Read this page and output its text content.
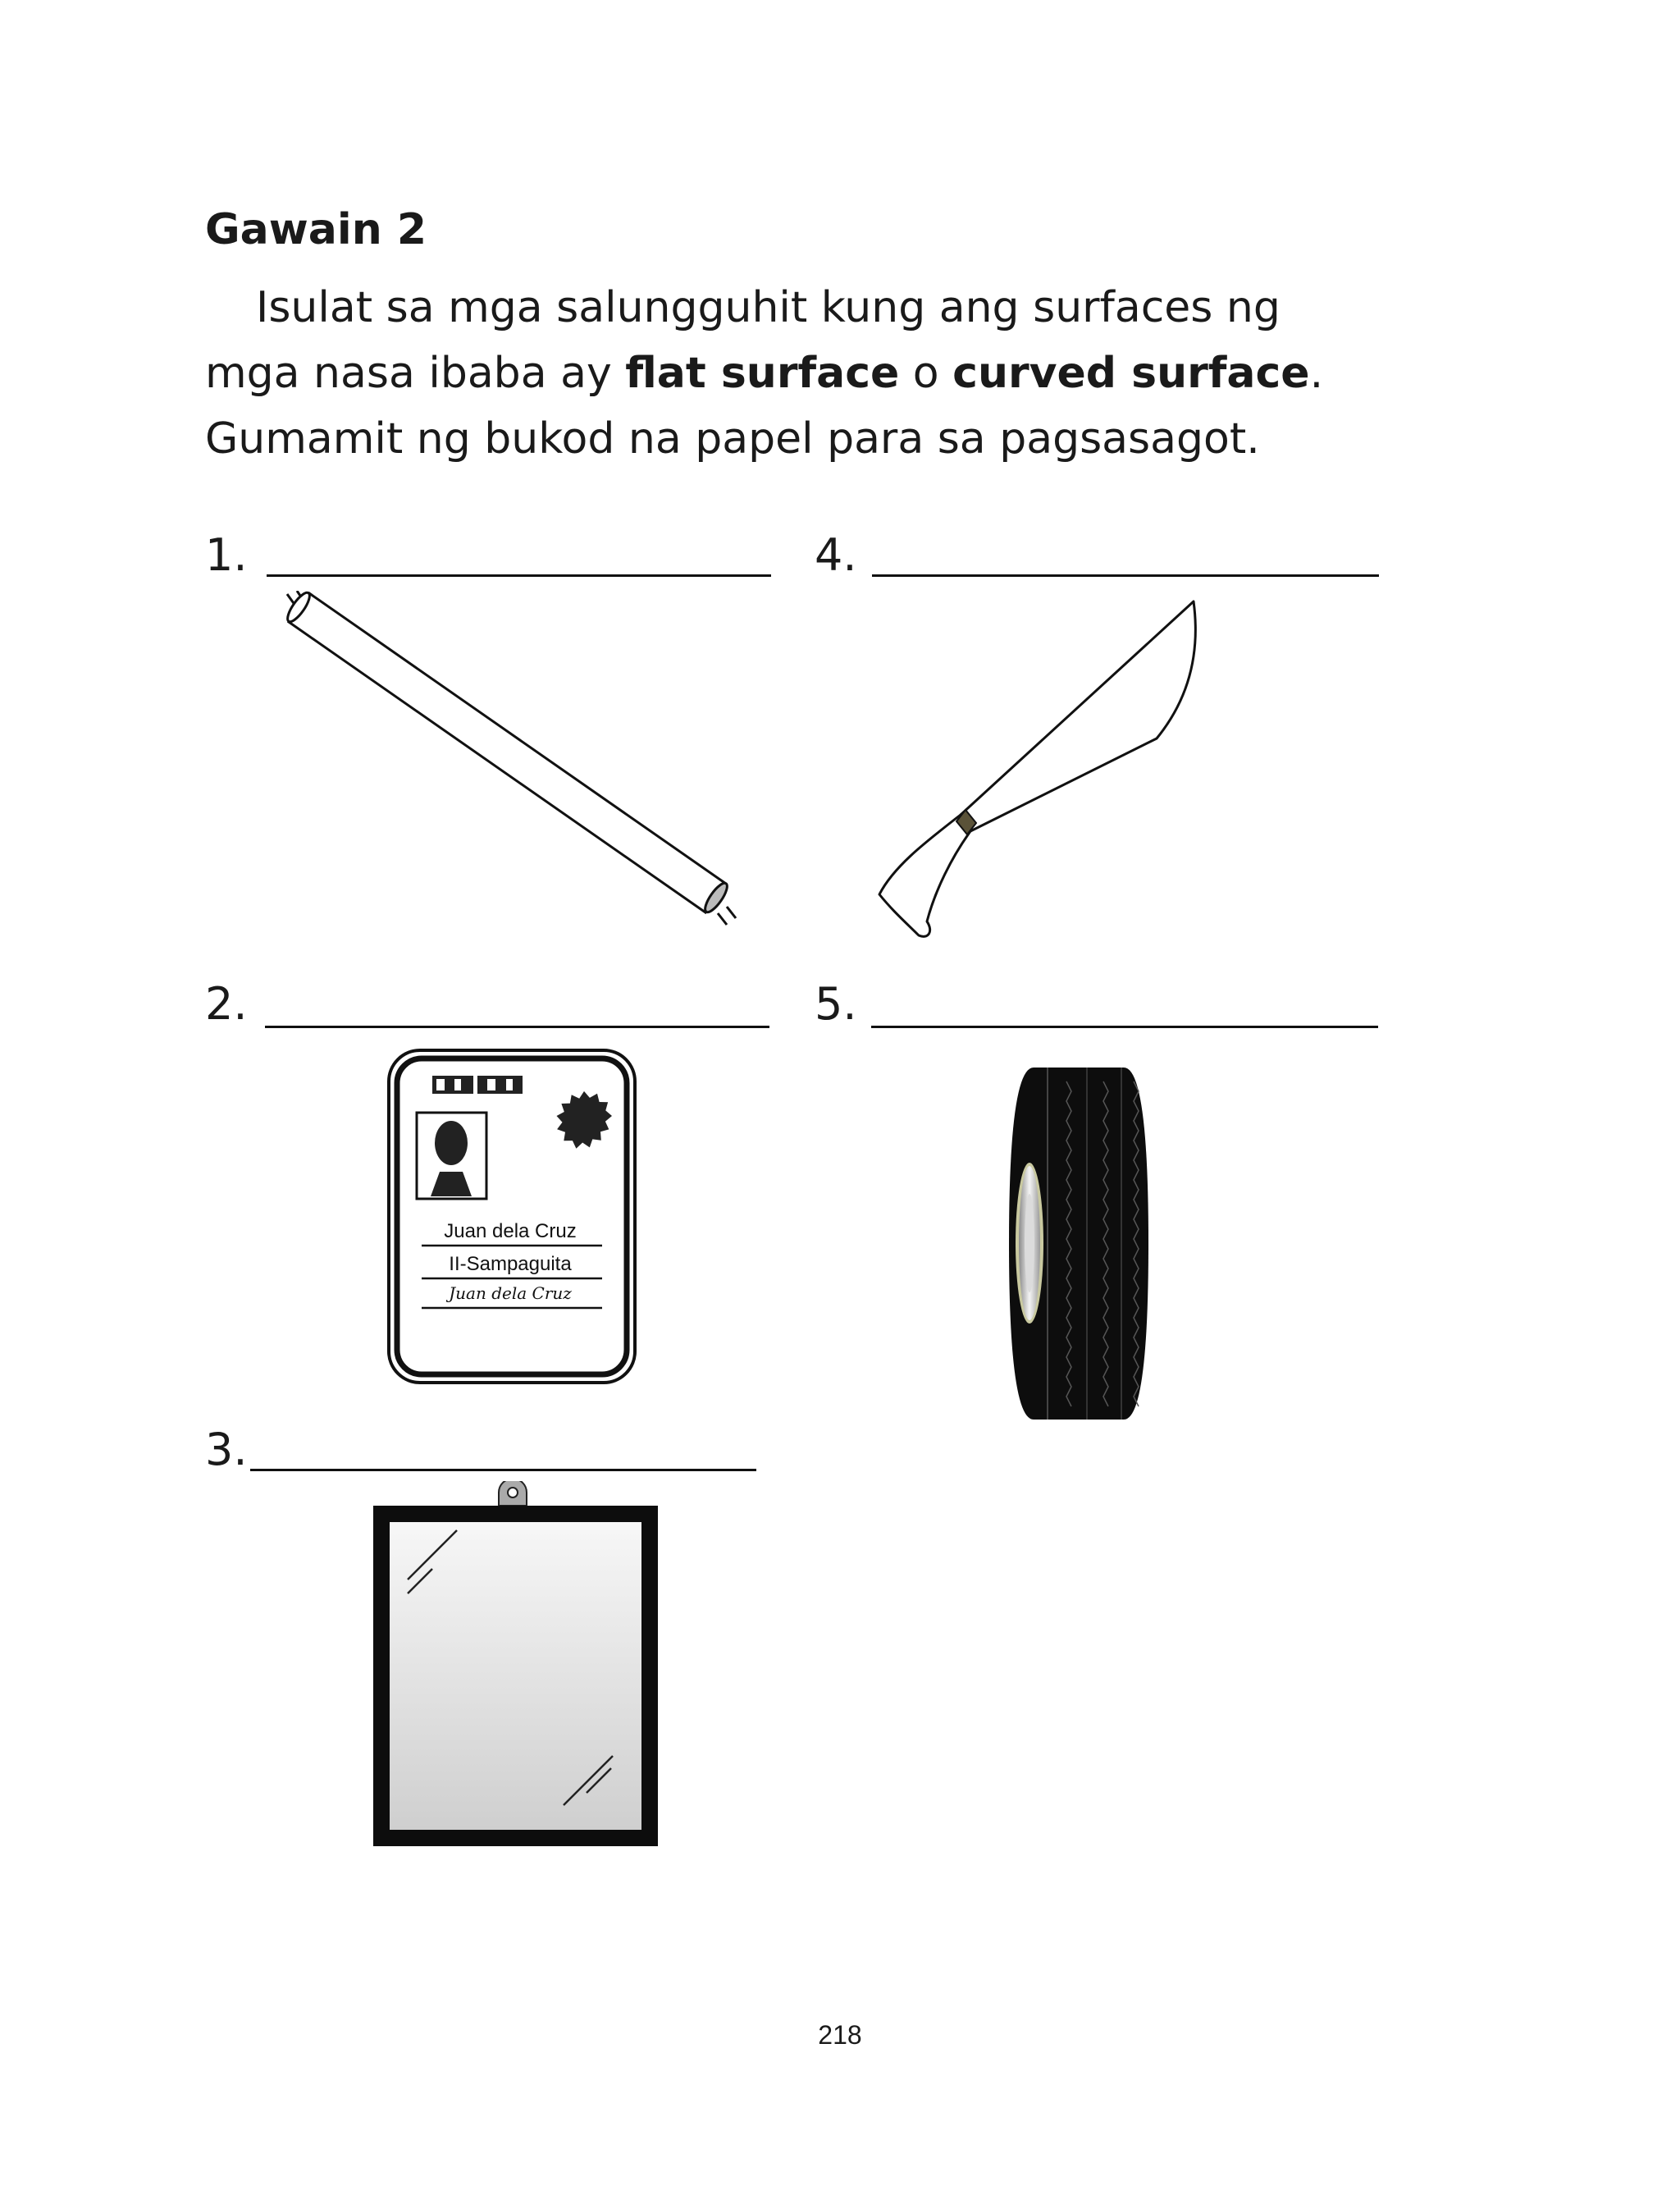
Gawain 2

Isulat sa mga salungguhit kung ang surfaces ng

mga nasa ibaba ay flat surface o curved surface.

Gumamit ng bukod na papel para sa pagsasagot.

1.	4.
2.
Juan dela Cruz
II-Sampaguita
Juan dela Cruz
5.
3.
218
